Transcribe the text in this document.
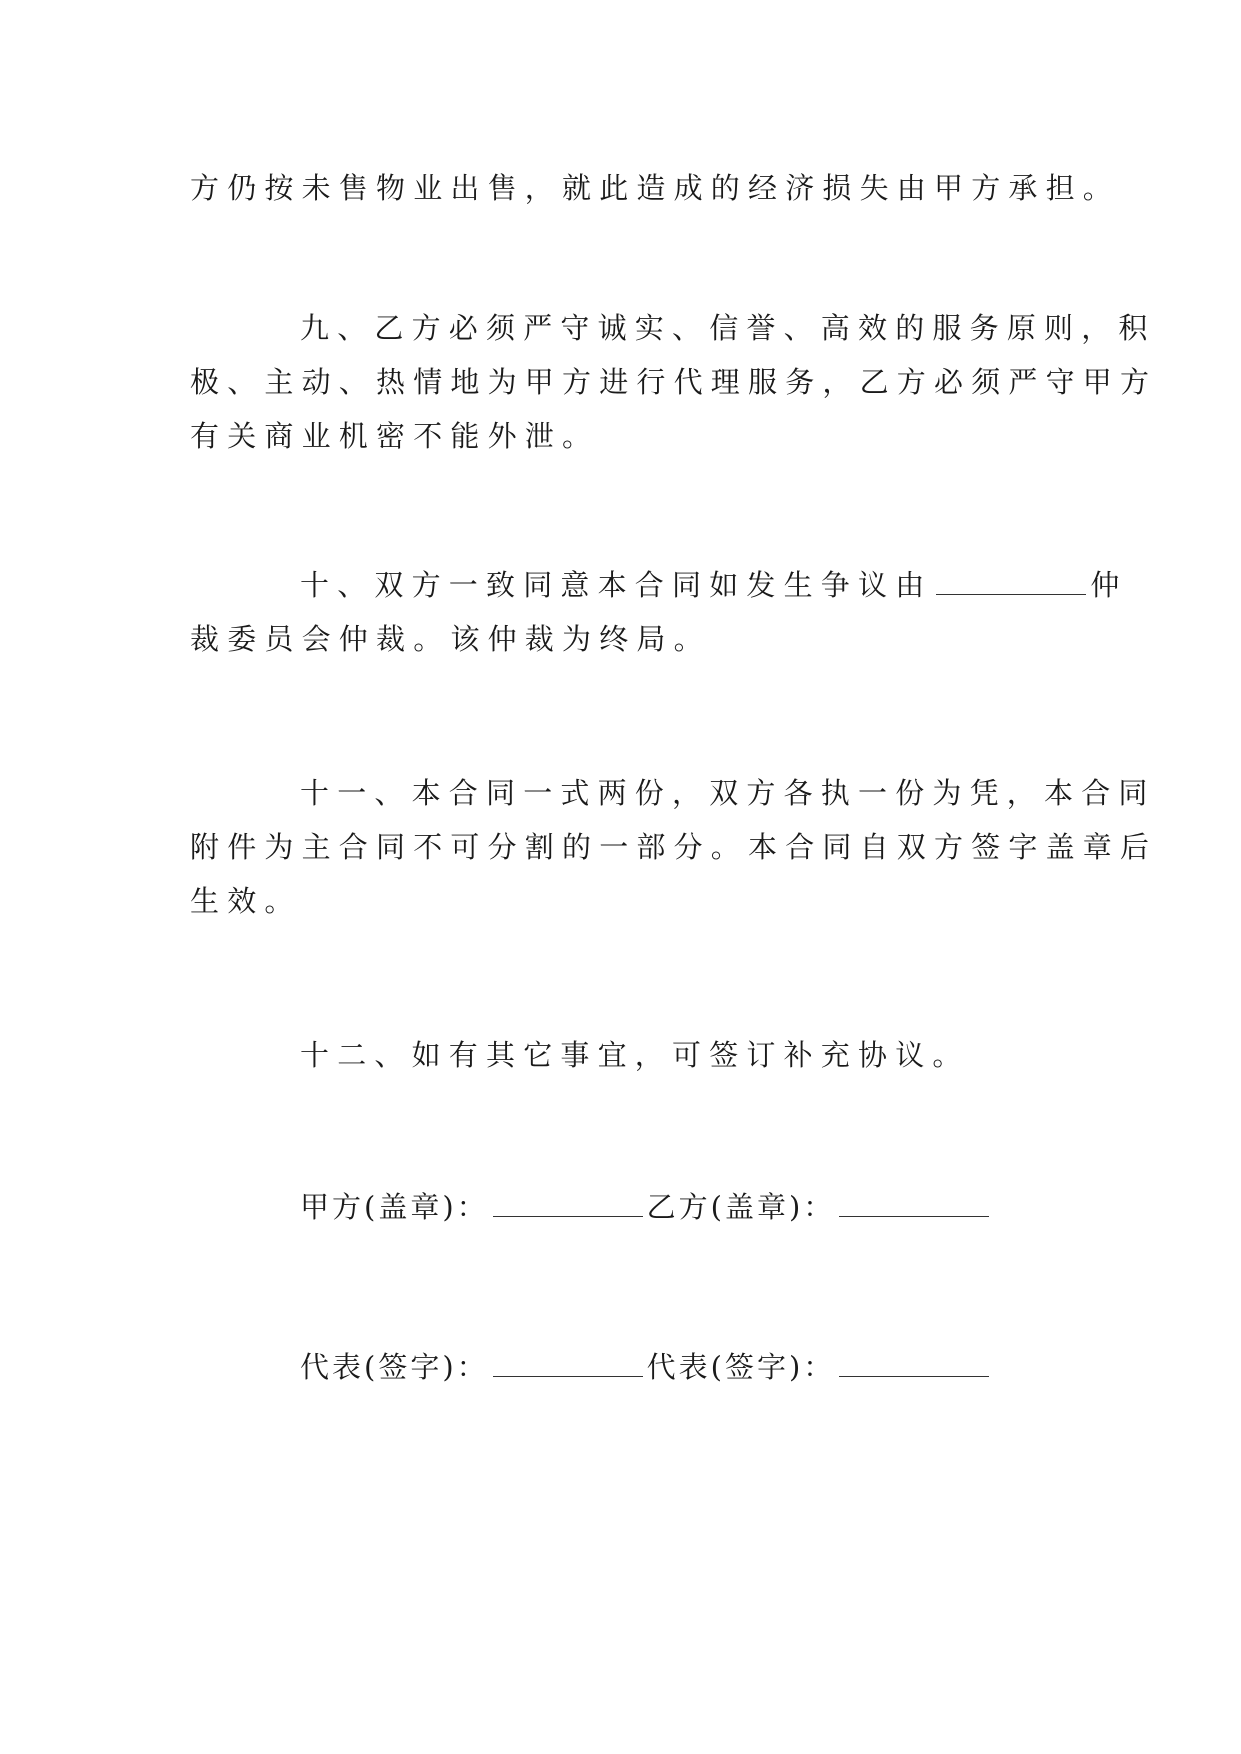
方仍按未售物业出售，就此造成的经济损失由甲方承担。
九、乙方必须严守诚实、信誉、高效的服务原则，积
极、主动、热情地为甲方进行代理服务，乙方必须严守甲方
有关商业机密不能外泄。
十、双方一致同意本合同如发生争议由	仲
裁委员会仲裁。该仲裁为终局。
十一、本合同一式两份，双方各执一份为凭，本合同
附件为主合同不可分割的一部分。本合同自双方签字盖章后
生效。
十二、如有其它事宜，可签订补充协议。
甲方(盖章)：	乙方(盖章)：
代表(签字)：	代表(签字)：
